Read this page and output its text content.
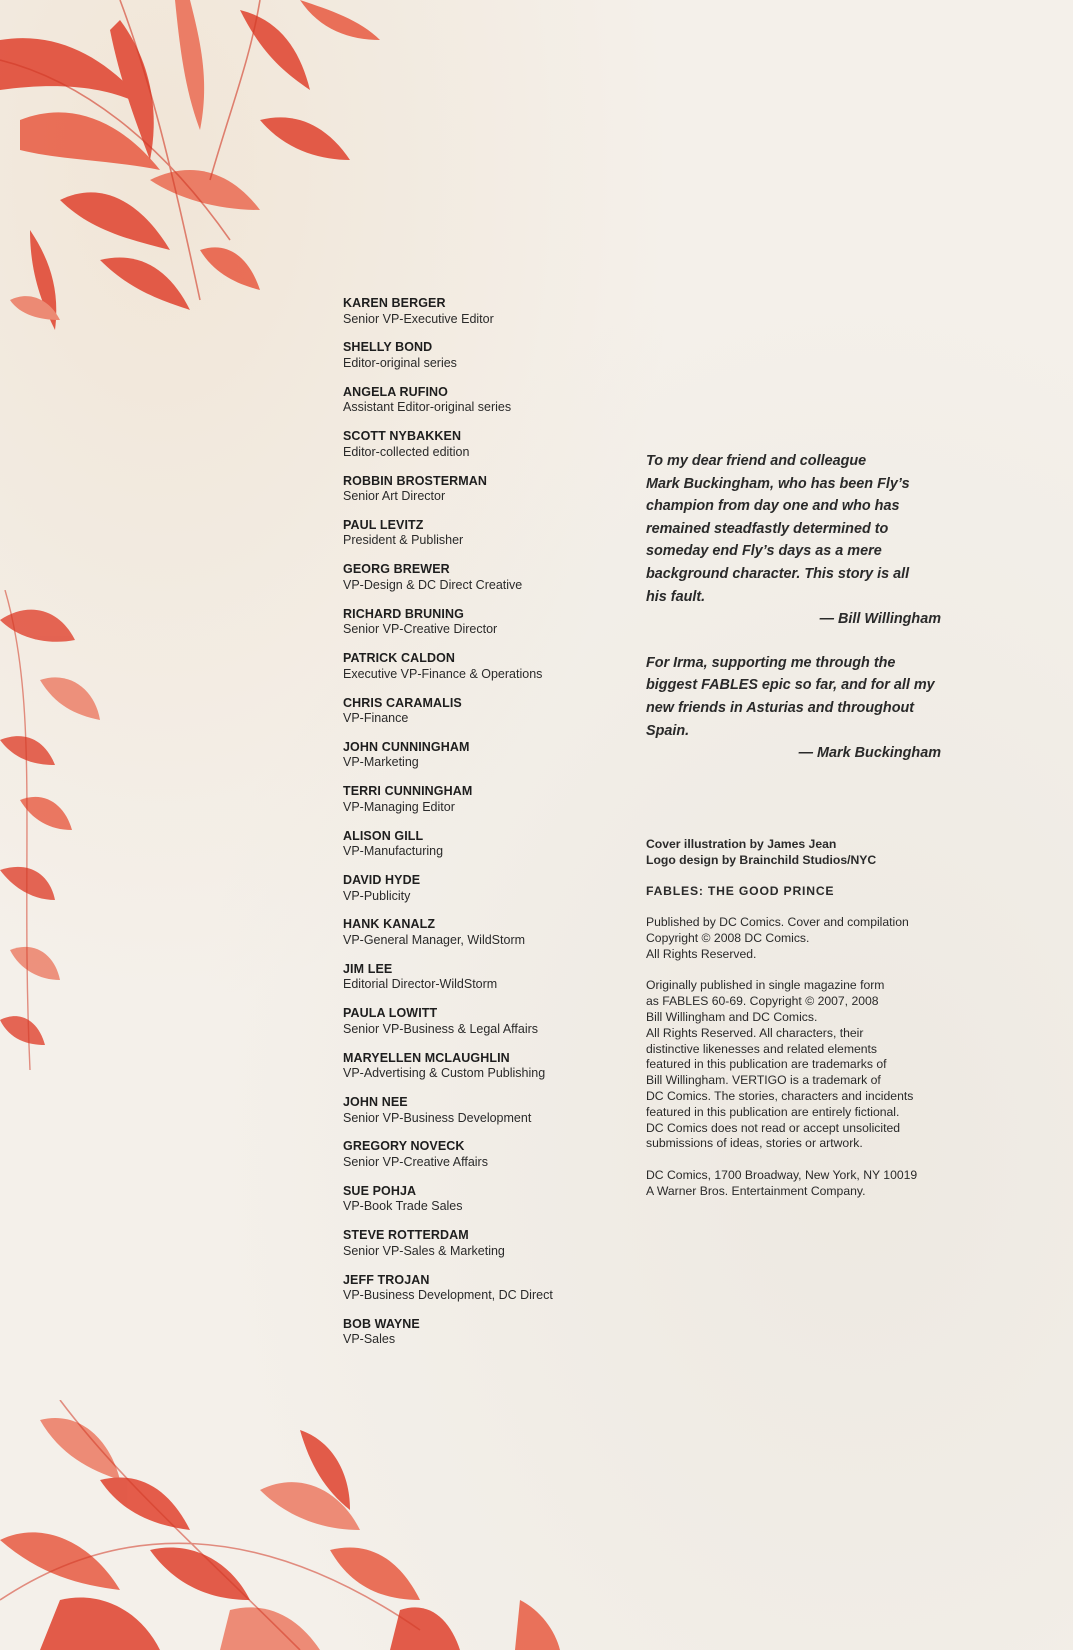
KAREN BERGER
Senior VP-Executive Editor
SHELLY BOND
Editor-original series
ANGELA RUFINO
Assistant Editor-original series
SCOTT NYBAKKEN
Editor-collected edition
ROBBIN BROSTERMAN
Senior Art Director
PAUL LEVITZ
President & Publisher
GEORG BREWER
VP-Design & DC Direct Creative
RICHARD BRUNING
Senior VP-Creative Director
PATRICK CALDON
Executive VP-Finance & Operations
CHRIS CARAMALIS
VP-Finance
JOHN CUNNINGHAM
VP-Marketing
TERRI CUNNINGHAM
VP-Managing Editor
ALISON GILL
VP-Manufacturing
DAVID HYDE
VP-Publicity
HANK KANALZ
VP-General Manager, WildStorm
JIM LEE
Editorial Director-WildStorm
PAULA LOWITT
Senior VP-Business & Legal Affairs
MARYELLEN MCLAUGHLIN
VP-Advertising & Custom Publishing
JOHN NEE
Senior VP-Business Development
GREGORY NOVECK
Senior VP-Creative Affairs
SUE POHJA
VP-Book Trade Sales
STEVE ROTTERDAM
Senior VP-Sales & Marketing
JEFF TROJAN
VP-Business Development, DC Direct
BOB WAYNE
VP-Sales

To my dear friend and colleague

Mark Buckingham, who has been Fly’s

champion from day one and who has

remained steadfastly determined to

someday end Fly’s days as a mere

background character. This story is all

his fault.

— Bill Willingham

For Irma, supporting me through the

biggest FABLES epic so far, and for all my

new friends in Asturias and throughout

Spain.

— Mark Buckingham

Cover illustration by James Jean

Logo design by Brainchild Studios/NYC

FABLES: THE GOOD PRINCE

Published by DC Comics. Cover and compilation

Copyright © 2008 DC Comics.

All Rights Reserved.

Originally published in single magazine form

as FABLES 60-69. Copyright © 2007, 2008

Bill Willingham and DC Comics.

All Rights Reserved. All characters, their

distinctive likenesses and related elements

featured in this publication are trademarks of

Bill Willingham. VERTIGO is a trademark of

DC Comics. The stories, characters and incidents

featured in this publication are entirely fictional.

DC Comics does not read or accept unsolicited

submissions of ideas, stories or artwork.

DC Comics, 1700 Broadway, New York, NY 10019

A Warner Bros. Entertainment Company.
